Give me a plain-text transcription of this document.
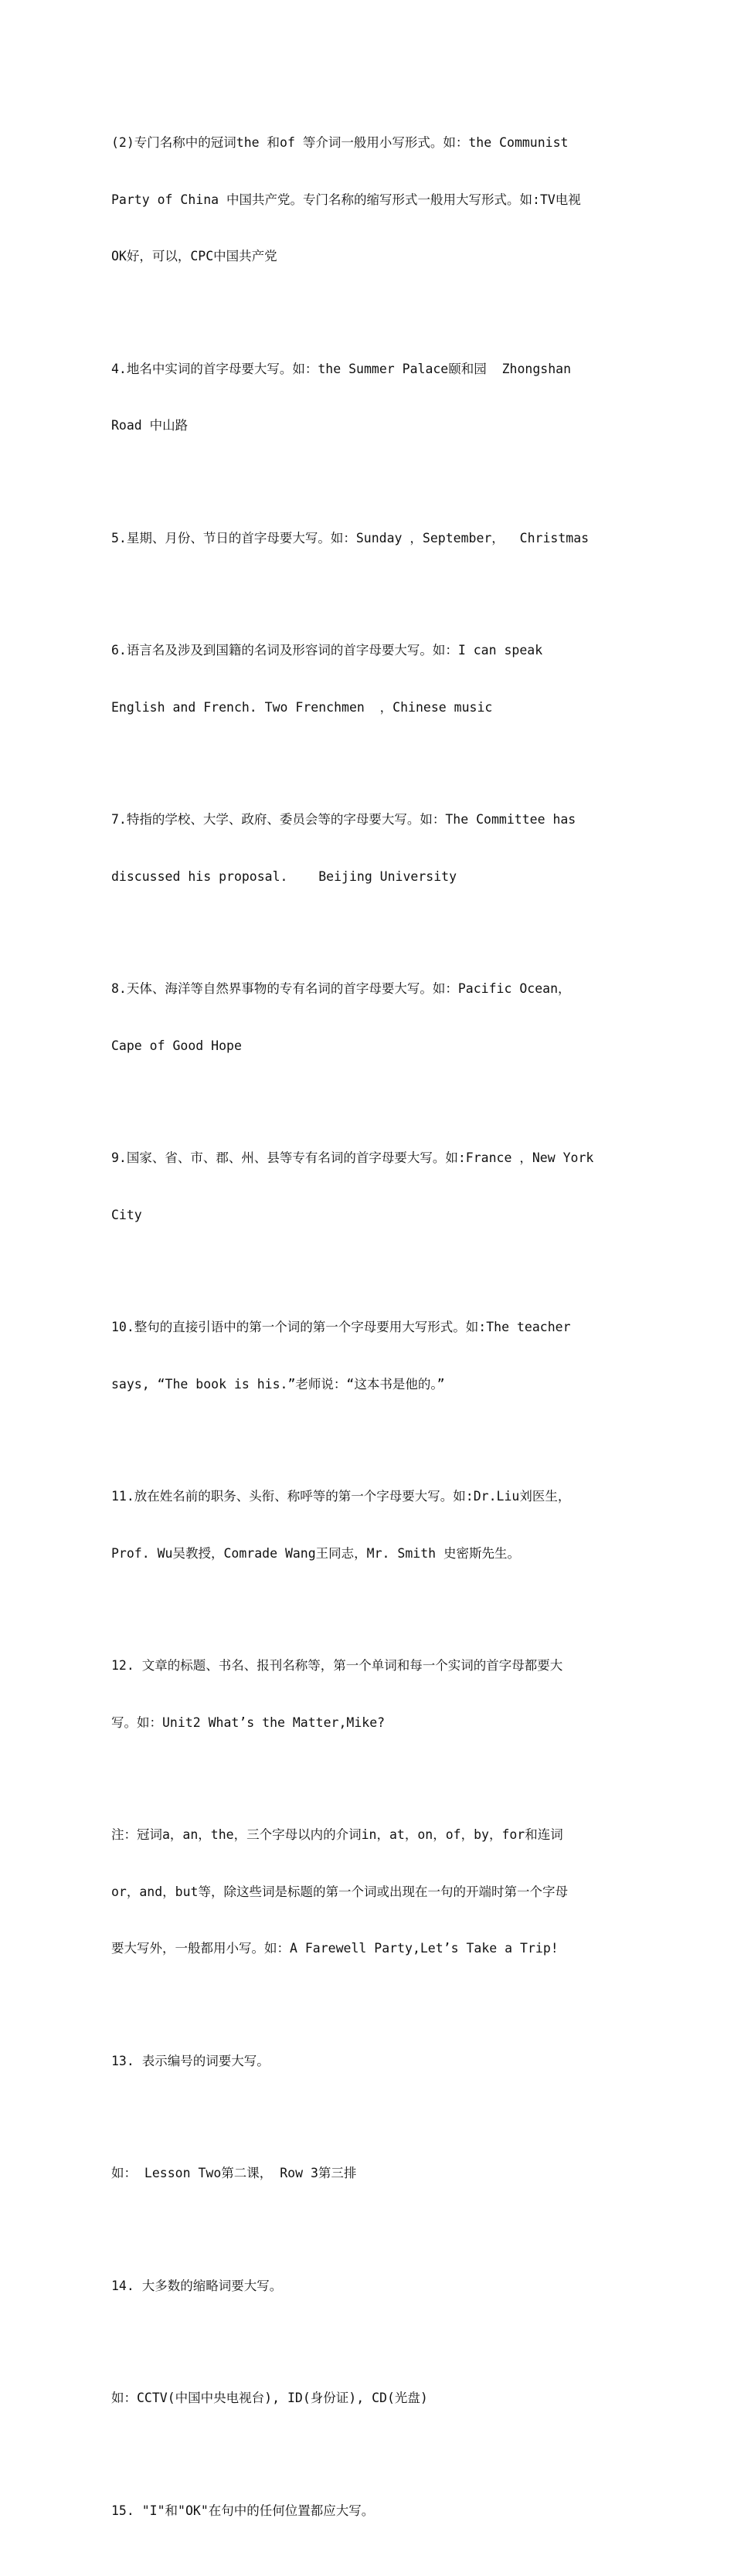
(2)专门名称中的冠词the 和of 等介词一般用小写形式。如：the Communist

Party of China 中国共产党。专门名称的缩写形式一般用大写形式。如:TV电视

OK好，可以，CPC中国共产党

4.地名中实词的首字母要大写。如：the Summer Palace颐和园  Zhongshan

Road 中山路

5.星期、月份、节日的首字母要大写。如：Sunday ，September，  Christmas

6.语言名及涉及到国籍的名词及形容词的首字母要大写。如：I can speak

English and French. Two Frenchmen  ，Chinese music

7.特指的学校、大学、政府、委员会等的字母要大写。如：The Committee has

discussed his proposal.    Beijing University

8.天体、海洋等自然界事物的专有名词的首字母要大写。如：Pacific Ocean，

Cape of Good Hope

9.国家、省、市、郡、州、县等专有名词的首字母要大写。如:France ，New York

City

10.整句的直接引语中的第一个词的第一个字母要用大写形式。如:The teacher

says, “The book is his.”老师说：“这本书是他的。”

11.放在姓名前的职务、头衔、称呼等的第一个字母要大写。如:Dr.Liu刘医生，

Prof. Wu吴教授，Comrade Wang王同志，Mr. Smith 史密斯先生。

12. 文章的标题、书名、报刊名称等，第一个单词和每一个实词的首字母都要大

写。如：Unit2 What’s the Matter,Mike?

注：冠词a，an，the，三个字母以内的介词in，at，on，of，by，for和连词

or，and，but等，除这些词是标题的第一个词或出现在一句的开端时第一个字母

要大写外，一般都用小写。如：A Farewell Party,Let’s Take a Trip!

13. 表示编号的词要大写。

如： Lesson Two第二课， Row 3第三排

14. 大多数的缩略词要大写。

如：CCTV(中国中央电视台), ID(身份证), CD(光盘)

15. "I"和"OK"在句中的任何位置都应大写。
